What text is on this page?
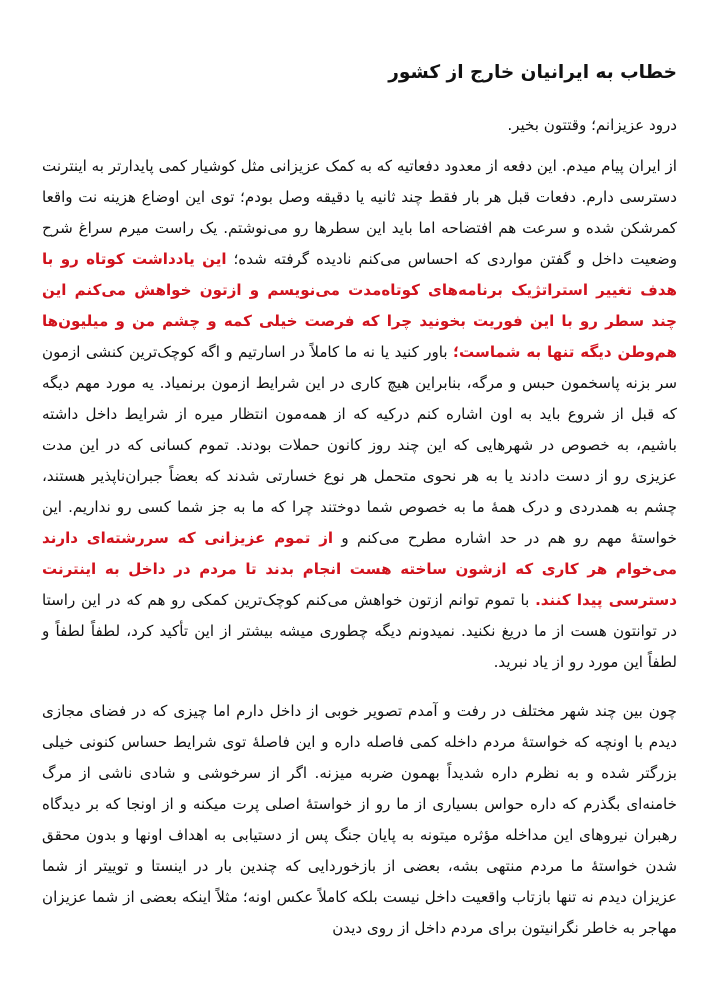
خطاب به ایرانیان خارج از کشور

درود عزیزانم؛ وقتتون بخیر.

از ایران پیام میدم. این دفعه از معدود دفعاتیه که به کمک عزیزانی مثل کوشیار کمی پایدارتر به اینترنت دسترسی دارم. دفعات قبل هر بار فقط چند ثانیه یا دقیقه وصل بودم؛ توی این اوضاع هزینه نت واقعا کمرشکن شده و سرعت هم افتضاحه اما باید این سطرها رو می‌نوشتم. یک راست میرم سراغ شرح وضعیت داخل و گفتن مواردی که احساس می‌کنم نادیده گرفته شده؛ این یادداشت کوتاه رو با هدف تغییر استراتژیک برنامه‌های کوتاه‌مدت می‌نویسم و ازتون خواهش می‌کنم این چند سطر رو با این فوریت بخونید چرا که فرصت خیلی کمه و چشم من و میلیون‌ها هم‌وطن دیگه تنها به شماست؛ باور کنید یا نه ما کاملاً در اسارتیم و اگه کوچک‌ترین کنشی ازمون سر بزنه پاسخمون حبس و مرگه، بنابراین هیچ کاری در این شرایط ازمون برنمیاد. یه مورد مهم دیگه که قبل از شروع باید به اون اشاره کنم درکیه که از همه‌مون انتظار میره از شرایط داخل داشته باشیم، به خصوص در شهرهایی که این چند روز کانون حملات بودند. تموم کسانی که در این مدت عزیزی رو از دست دادند یا به هر نحوی متحمل هر نوع خسارتی شدند که بعضاً جبران‌ناپذیر هستند، چشم به همدردی و درک همهٔ ما به خصوص شما دوختند چرا که ما به جز شما کسی رو نداریم. این خواستهٔ مهم رو هم در حد اشاره مطرح می‌کنم و از تموم عزیزانی که سررشته‌ای دارند می‌خوام هر کاری که ازشون ساخته هست انجام بدند تا مردم در داخل به اینترنت دسترسی پیدا کنند. با تموم توانم ازتون خواهش می‌کنم کوچک‌ترین کمکی رو هم که در این راستا در توانتون هست از ما دریغ نکنید. نمیدونم دیگه چطوری میشه بیشتر از این تأکید کرد، لطفاً لطفاً و لطفاً این مورد رو از یاد نبرید.

چون بین چند شهر مختلف در رفت و آمدم تصویر خوبی از داخل دارم اما چیزی که در فضای مجازی دیدم با اونچه که خواستهٔ مردم داخله کمی فاصله داره و این فاصلهٔ توی شرایط حساس کنونی خیلی بزرگتر شده و به نظرم داره شدیداً بهمون ضربه میزنه. اگر از سرخوشی و شادی ناشی از مرگ خامنه‌ای بگذرم که داره حواس بسیاری از ما رو از خواستهٔ اصلی پرت میکنه و از اونجا که بر دیدگاه رهبران نیروهای این مداخله مؤثره میتونه به پایان جنگ پس از دستیابی به اهداف اونها و بدون محقق شدن خواستهٔ ما مردم منتهی بشه، بعضی از بازخوردایی که چندین بار در اینستا و توییتر از شما عزیزان دیدم نه تنها بازتاب واقعیت داخل نیست بلکه کاملاً عکس اونه؛ مثلاً اینکه بعضی از شما عزیزان مهاجر به خاطر نگرانیتون برای مردم داخل از روی دیدن
